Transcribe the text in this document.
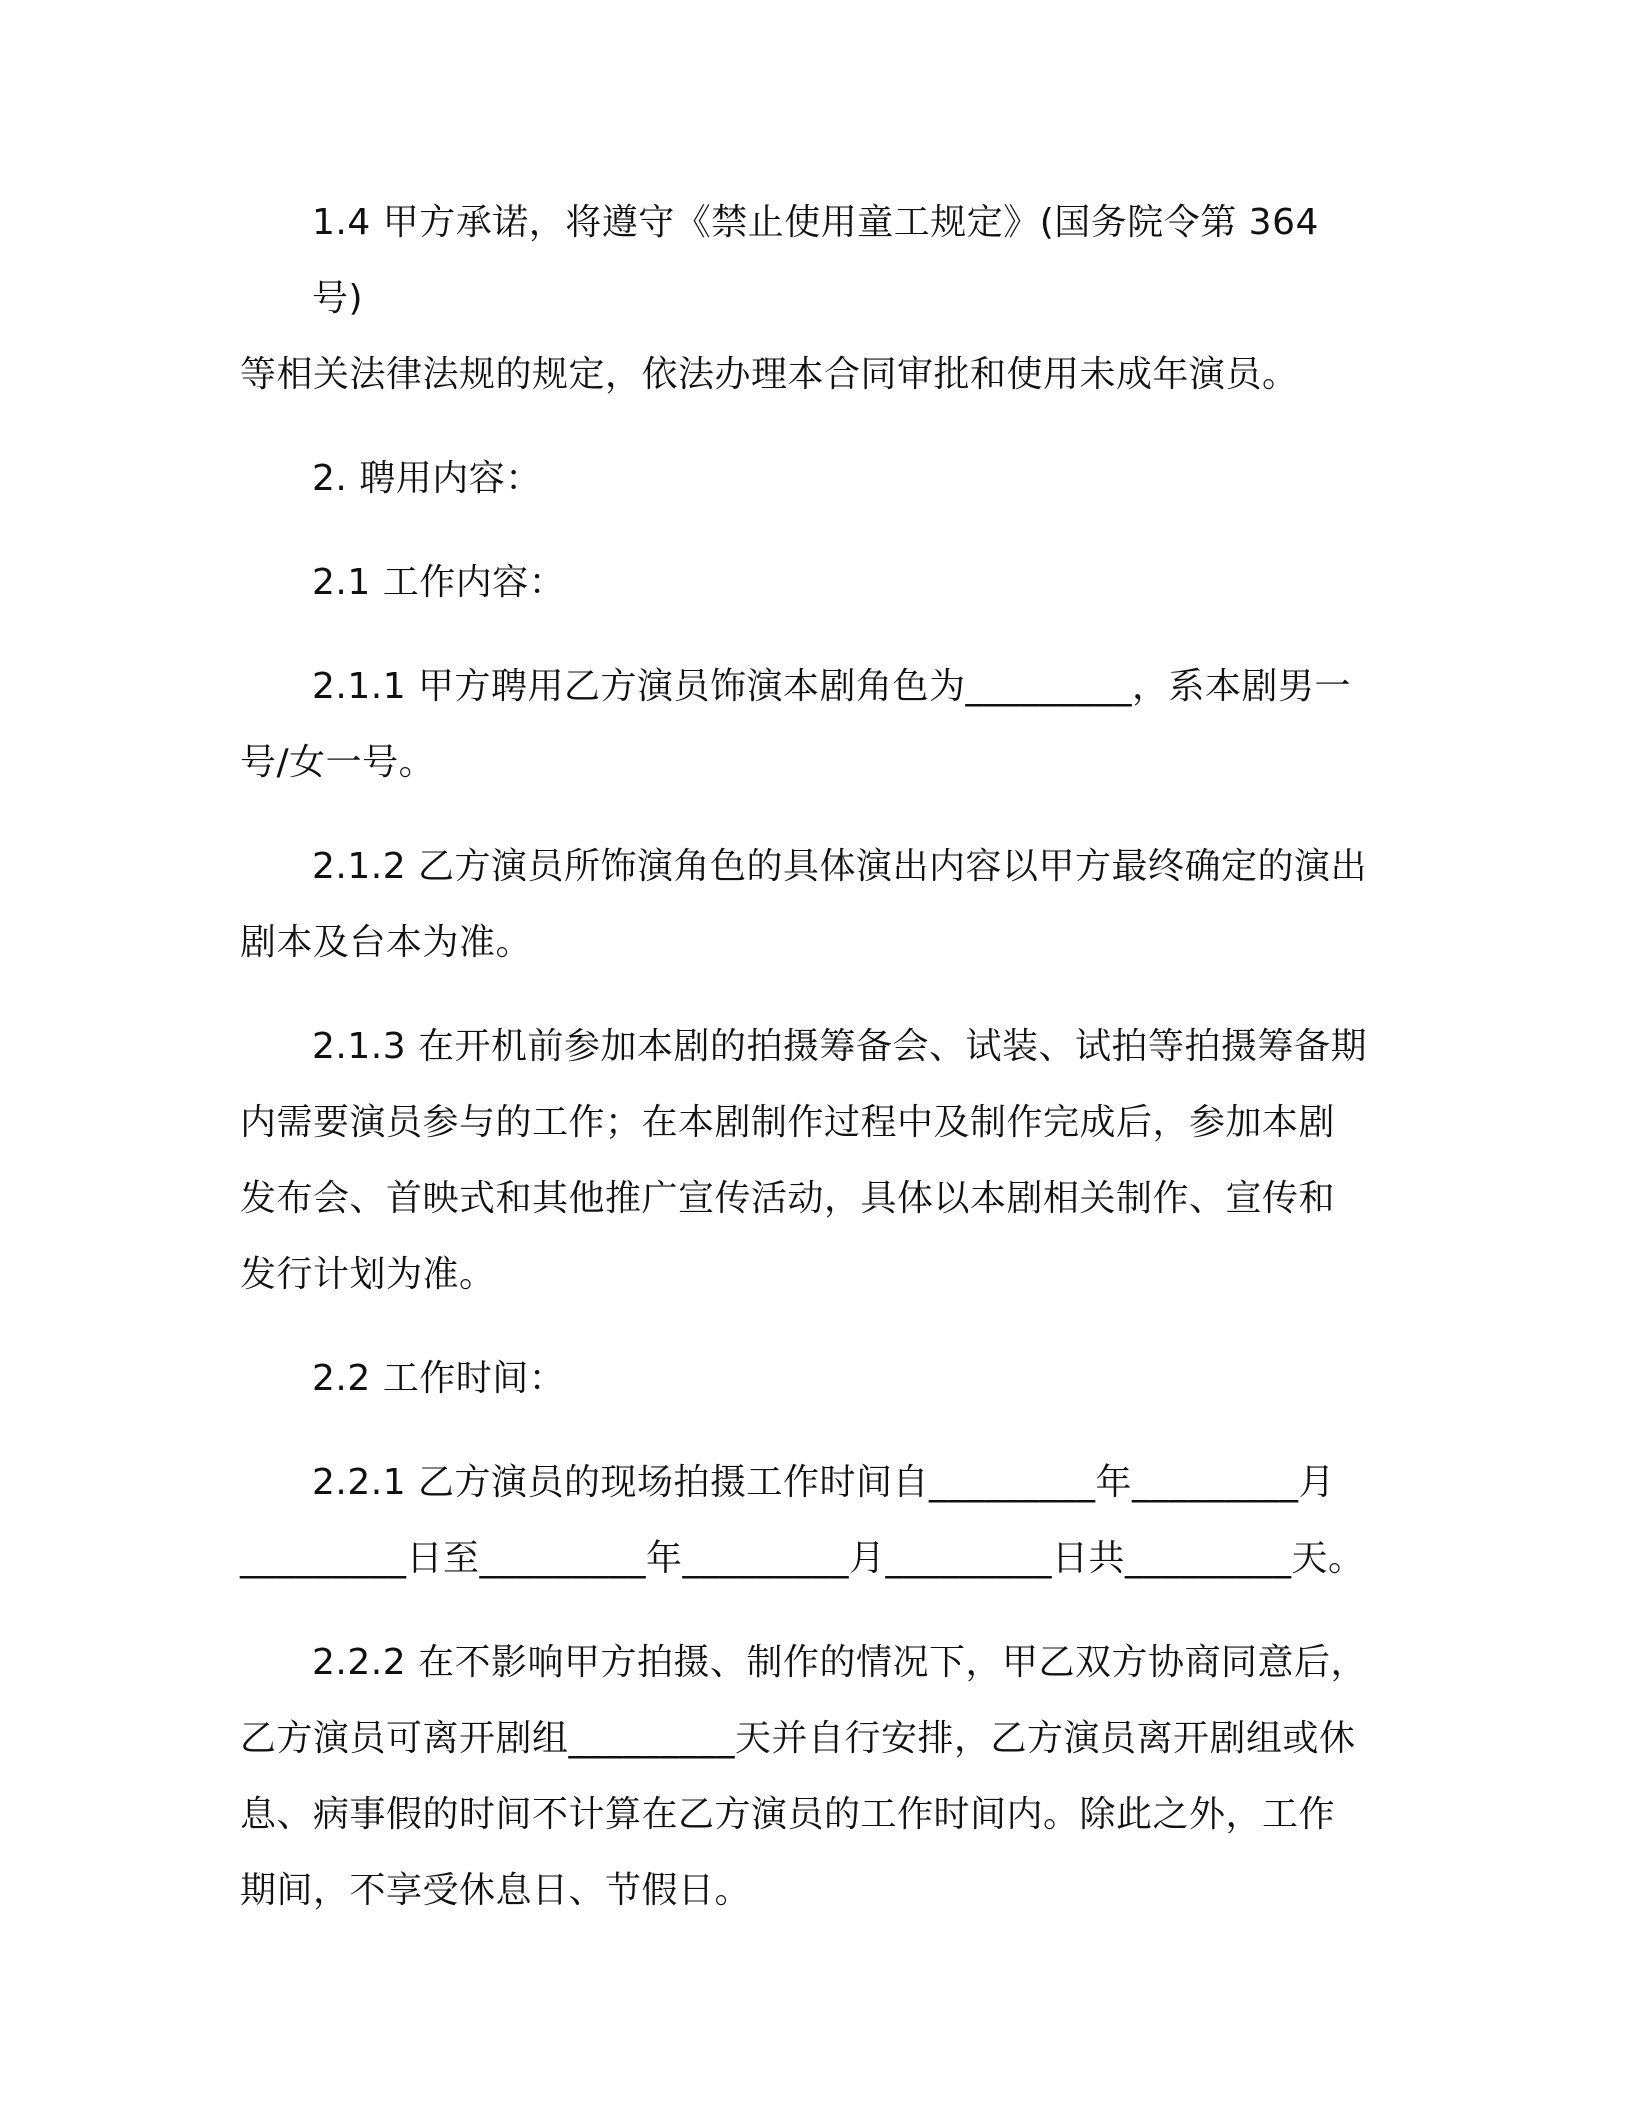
1.4 甲方承诺，将遵守《禁止使用童工规定》(国务院令第 364 号)
等相关法律法规的规定，依法办理本合同审批和使用未成年演员。

2. 聘用内容：

2.1 工作内容：

2.1.1 甲方聘用乙方演员饰演本剧角色为_________，系本剧男一
号/女一号。

2.1.2 乙方演员所饰演角色的具体演出内容以甲方最终确定的演出
剧本及台本为准。

2.1.3 在开机前参加本剧的拍摄筹备会、试装、试拍等拍摄筹备期
内需要演员参与的工作；在本剧制作过程中及制作完成后，参加本剧
发布会、首映式和其他推广宣传活动，具体以本剧相关制作、宣传和
发行计划为准。

2.2 工作时间：

2.2.1 乙方演员的现场拍摄工作时间自_________年_________月
_________日至_________年_________月_________日共_________天。

2.2.2 在不影响甲方拍摄、制作的情况下，甲乙双方协商同意后，
乙方演员可离开剧组_________天并自行安排，乙方演员离开剧组或休
息、病事假的时间不计算在乙方演员的工作时间内。除此之外，工作
期间，不享受休息日、节假日。
